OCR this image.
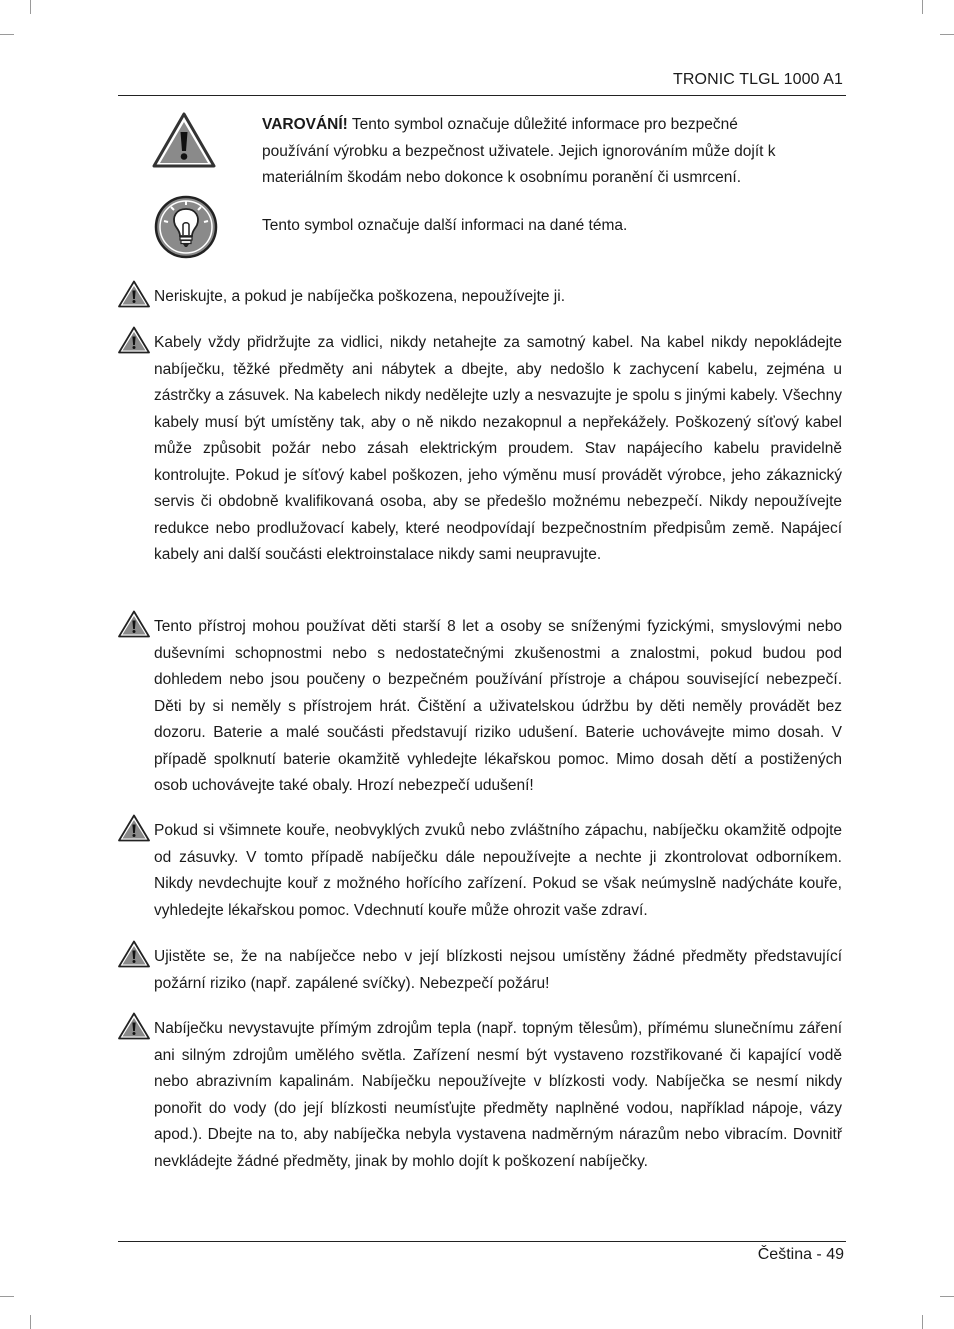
TRONIC TLGL 1000 A1
VAROVÁNÍ! Tento symbol označuje důležité informace pro bezpečné používání výrobku a bezpečnost uživatele. Jejich ignorováním může dojít k materiálním škodám nebo dokonce k osobnímu poranění či usmrcení.
Tento symbol označuje další informaci na dané téma.
Neriskujte, a pokud je nabíječka poškozena, nepoužívejte ji.
Kabely vždy přidržujte za vidlici, nikdy netahejte za samotný kabel. Na kabel nikdy nepokládejte nabíječku, těžké předměty ani nábytek a dbejte, aby nedošlo k zachycení kabelu, zejména u zástrčky a zásuvek. Na kabelech nikdy nedělejte uzly a nesvazujte je spolu s jinými kabely. Všechny kabely musí být umístěny tak, aby o ně nikdo nezakopnul a nepřekážely. Poškozený síťový kabel může způsobit požár nebo zásah elektrickým proudem. Stav napájecího kabelu pravidelně kontrolujte. Pokud je síťový kabel poškozen, jeho výměnu musí provádět výrobce, jeho zákaznický servis či obdobně kvalifikovaná osoba, aby se předešlo možnému nebezpečí. Nikdy nepoužívejte redukce nebo prodlužovací kabely, které neodpovídají bezpečnostním předpisům země. Napájecí kabely ani další součásti elektroinstalace nikdy sami neupravujte.
Tento přístroj mohou používat děti starší 8 let a osoby se sníženými fyzickými, smyslovými nebo duševními schopnostmi nebo s nedostatečnými zkušenostmi a znalostmi, pokud budou pod dohledem nebo jsou poučeny o bezpečném používání přístroje a chápou související nebezpečí. Děti by si neměly s přístrojem hrát. Čištění a uživatelskou údržbu by děti neměly provádět bez dozoru. Baterie a malé součásti představují riziko udušení. Baterie uchovávejte mimo dosah. V případě spolknutí baterie okamžitě vyhledejte lékařskou pomoc. Mimo dosah dětí a postižených osob uchovávejte také obaly. Hrozí nebezpečí udušení!
Pokud si všimnete kouře, neobvyklých zvuků nebo zvláštního zápachu, nabíječku okamžitě odpojte od zásuvky. V tomto případě nabíječku dále nepoužívejte a nechte ji zkontrolovat odborníkem. Nikdy nevdechujte kouř z možného hořícího zařízení. Pokud se však neúmyslně nadýcháte kouře, vyhledejte lékařskou pomoc. Vdechnutí kouře může ohrozit vaše zdraví.
Ujistěte se, že na nabíječce nebo v její blízkosti nejsou umístěny žádné předměty představující požární riziko (např. zapálené svíčky). Nebezpečí požáru!
Nabíječku nevystavujte přímým zdrojům tepla (např. topným tělesům), přímému slunečnímu záření ani silným zdrojům umělého světla. Zařízení nesmí být vystaveno rozstřikované či kapající vodě nebo abrazivním kapalinám. Nabíječku nepoužívejte v blízkosti vody. Nabíječka se nesmí nikdy ponořit do vody (do její blízkosti neumísťujte předměty naplněné vodou, například nápoje, vázy apod.). Dbejte na to, aby nabíječka nebyla vystavena nadměrným nárazům nebo vibracím. Dovnitř nevkládejte žádné předměty, jinak by mohlo dojít k poškození nabíječky.
Čeština - 49
